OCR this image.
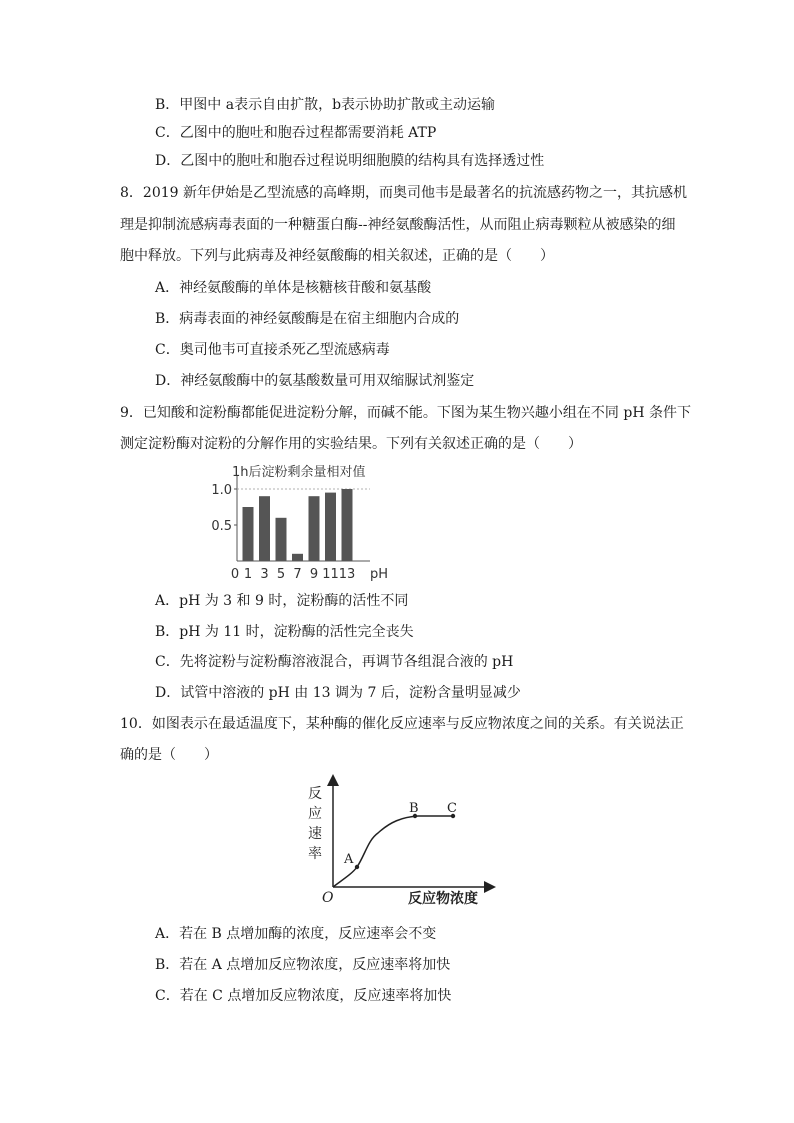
B．甲图中 a表示自由扩散，b表示协助扩散或主动运输
C．乙图中的胞吐和胞吞过程都需要消耗 ATP
D．乙图中的胞吐和胞吞过程说明细胞膜的结构具有选择透过性
8．2019 新年伊始是乙型流感的高峰期，而奥司他韦是最著名的抗流感药物之一，其抗感机
理是抑制流感病毒表面的一种糖蛋白酶--神经氨酸酶活性，从而阻止病毒颗粒从被感染的细
胞中释放。下列与此病毒及神经氨酸酶的相关叙述，正确的是（　　）
A．神经氨酸酶的单体是核糖核苷酸和氨基酸
B．病毒表面的神经氨酸酶是在宿主细胞内合成的
C．奥司他韦可直接杀死乙型流感病毒
D．神经氨酸酶中的氨基酸数量可用双缩脲试剂鉴定
9．已知酸和淀粉酶都能促进淀粉分解，而碱不能。下图为某生物兴趣小组在不同 pH 条件下
测定淀粉酶对淀粉的分解作用的实验结果。下列有关叙述正确的是（　　）
1h后淀粉剩余量相对值
0 1 3 5 7 9 11 13
0.5
1.0
pH
A．pH 为 3 和 9 时，淀粉酶的活性不同
B．pH 为 11 时，淀粉酶的活性完全丧失
C．先将淀粉与淀粉酶溶液混合，再调节各组混合液的 pH
D．试管中溶液的 pH 由 13 调为 7 后，淀粉含量明显减少
10．如图表示在最适温度下，某种酶的催化反应速率与反应物浓度之间的关系。有关说法正
确的是（　　）
反
应
速
率
O	反应物浓度
A
B C
A．若在 B 点增加酶的浓度，反应速率会不变
B．若在 A 点增加反应物浓度，反应速率将加快
C．若在 C 点增加反应物浓度，反应速率将加快
